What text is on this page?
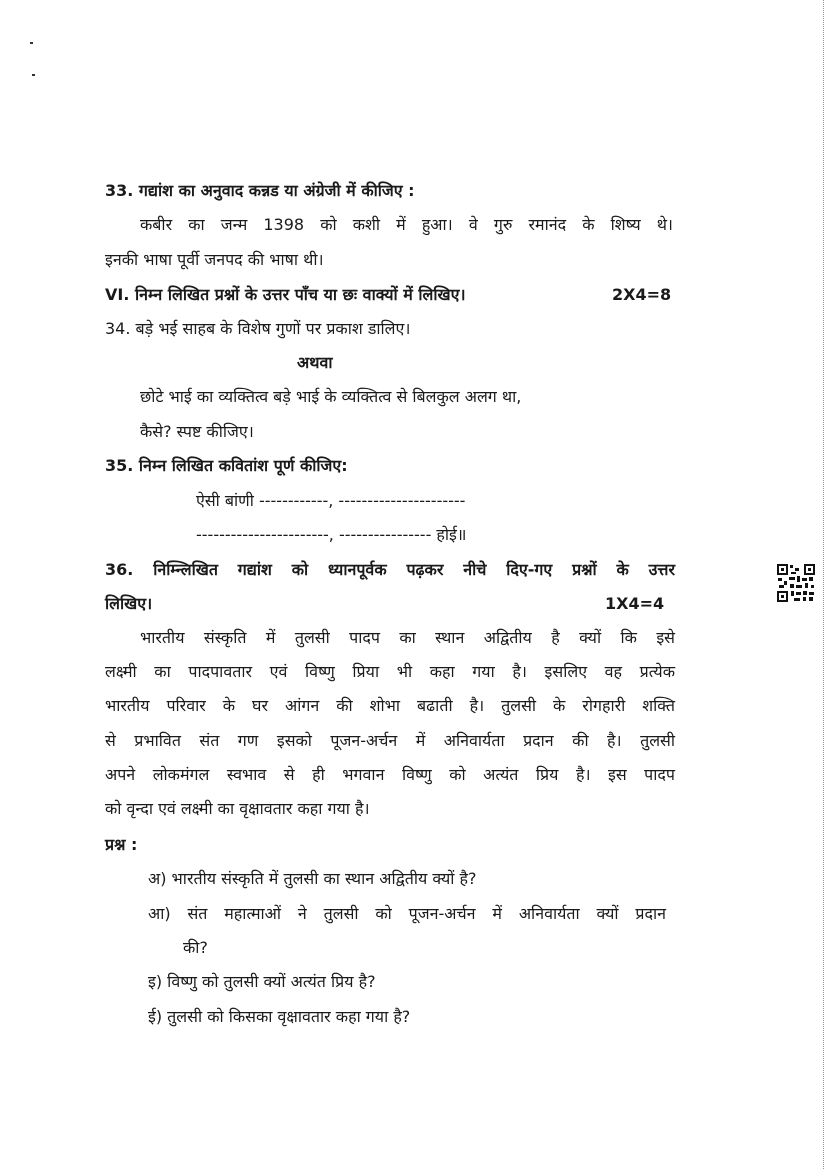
33. गद्यांश का अनुवाद कन्नड या अंग्रेजी में कीजिए :
कबीर का जन्म 1398 को कशी में हुआ। वे गुरु रमानंद के शिष्य थे।
इनकी भाषा पूर्वी जनपद की भाषा थी।
VI. निम्न लिखित प्रश्नों के उत्तर पाँच या छः वाक्यों में लिखिए।	2X4=8
34. बड़े भई साहब के विशेष गुणों पर प्रकाश डालिए।
अथवा
छोटे भाई का व्यक्तित्व बड़े भाई के व्यक्तित्व से बिलकुल अलग था,
कैसे? स्पष्ट कीजिए।
35. निम्न लिखित कवितांश पूर्ण कीजिए:
ऐसी बांणी ------------, ----------------------
-----------------------, ---------------- होई॥
36. निम्न्लिखित गद्यांश को ध्यानपूर्वक पढ़कर नीचे दिए-गए प्रश्नों के उत्तर
लिखिए।	1X4=4
भारतीय संस्कृति में तुलसी पादप का स्थान अद्वितीय है क्यों कि इसे
लक्ष्मी का पादपावतार एवं विष्णु प्रिया भी कहा गया है। इसलिए वह प्रत्येक
भारतीय परिवार के घर आंगन की शोभा बढाती है। तुलसी के रोगहारी शक्ति
से प्रभावित संत गण इसको पूजन-अर्चन में अनिवार्यता प्रदान की है। तुलसी
अपने लोकमंगल स्वभाव से ही भगवान विष्णु को अत्यंत प्रिय है। इस पादप
को वृन्दा एवं लक्ष्मी का वृक्षावतार कहा गया है।
प्रश्न :
अ) भारतीय संस्कृति में तुलसी का स्थान अद्वितीय क्यों है?
आ) संत महात्माओं ने तुलसी को पूजन-अर्चन में अनिवार्यता क्यों प्रदान
की?
इ) विष्णु को तुलसी क्यों अत्यंत प्रिय है?
ई) तुलसी को किसका वृक्षावतार कहा गया है?
